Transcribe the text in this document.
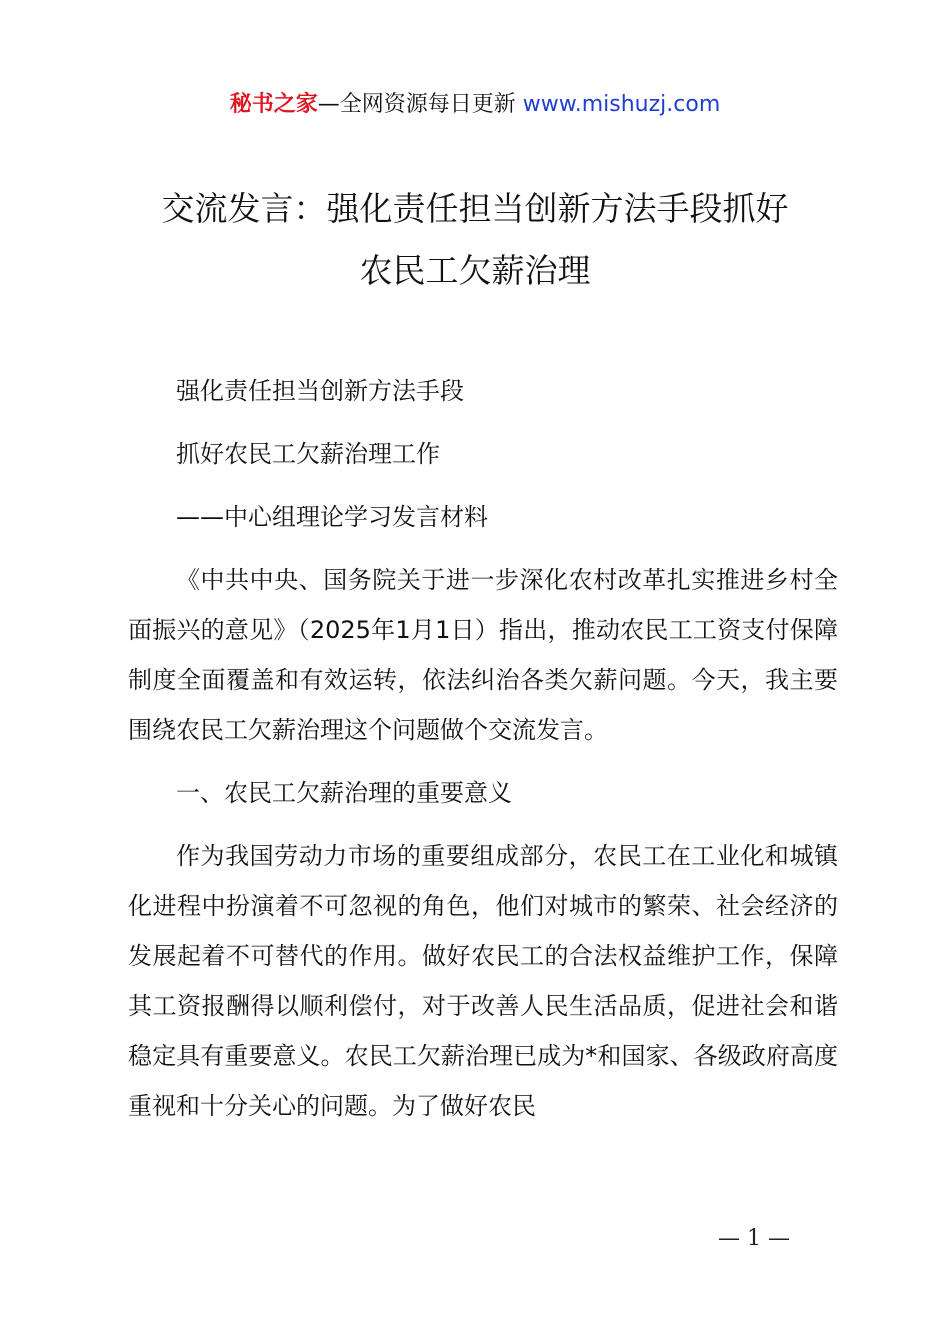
秘书之家—全网资源每日更新 www.mishuzj.com
交流发言：强化责任担当创新方法手段抓好
农民工欠薪治理

强化责任担当创新方法手段

抓好农民工欠薪治理工作

——中心组理论学习发言材料

《中共中央、国务院关于进一步深化农村改革扎实推进乡村全面振兴的意见》（2025年1月1日）指出，推动农民工工资支付保障制度全面覆盖和有效运转，依法纠治各类欠薪问题。今天，我主要围绕农民工欠薪治理这个问题做个交流发言。

一、农民工欠薪治理的重要意义

作为我国劳动力市场的重要组成部分，农民工在工业化和城镇化进程中扮演着不可忽视的角色，他们对城市的繁荣、社会经济的发展起着不可替代的作用。做好农民工的合法权益维护工作，保障其工资报酬得以顺利偿付，对于改善人民生活品质，促进社会和谐稳定具有重要意义。农民工欠薪治理已成为*和国家、各级政府高度重视和十分关心的问题。为了做好农民

— 1 —
